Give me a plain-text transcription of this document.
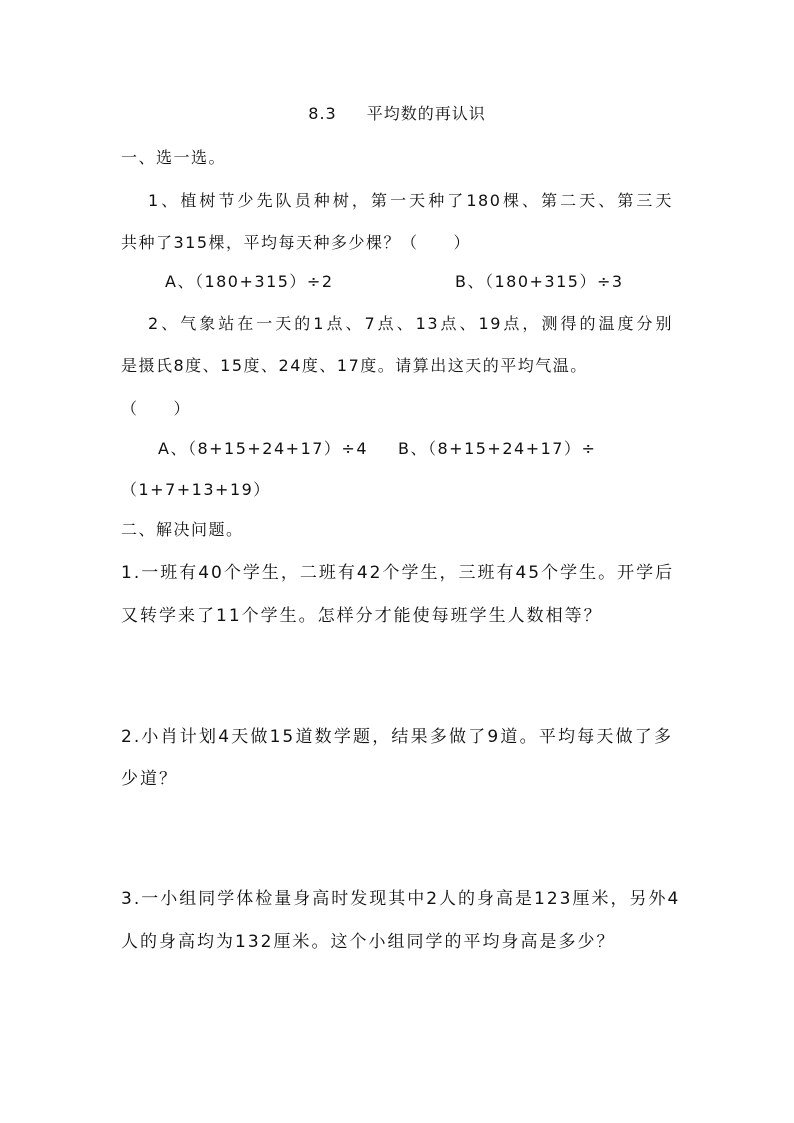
8.3 平均数的再认识
一、选一选。
1、植树节少先队员种树，第一天种了180棵、第二天、第三天
共种了315棵，平均每天种多少棵？（　　）
A、（180+315）÷2	B、（180+315）÷3
2、气象站在一天的1点、7点、13点、19点，测得的温度分别
是摄氏8度、15度、24度、17度。请算出这天的平均气温。
（　　）
A、（8+15+24+17）÷4 B、（8+15+24+17）÷
（1+7+13+19）
二、解决问题。
1.一班有40个学生，二班有42个学生，三班有45个学生。开学后
又转学来了11个学生。怎样分才能使每班学生人数相等？
2.小肖计划4天做15道数学题，结果多做了9道。平均每天做了多
少道？
3.一小组同学体检量身高时发现其中2人的身高是123厘米，另外4
人的身高均为132厘米。这个小组同学的平均身高是多少？
